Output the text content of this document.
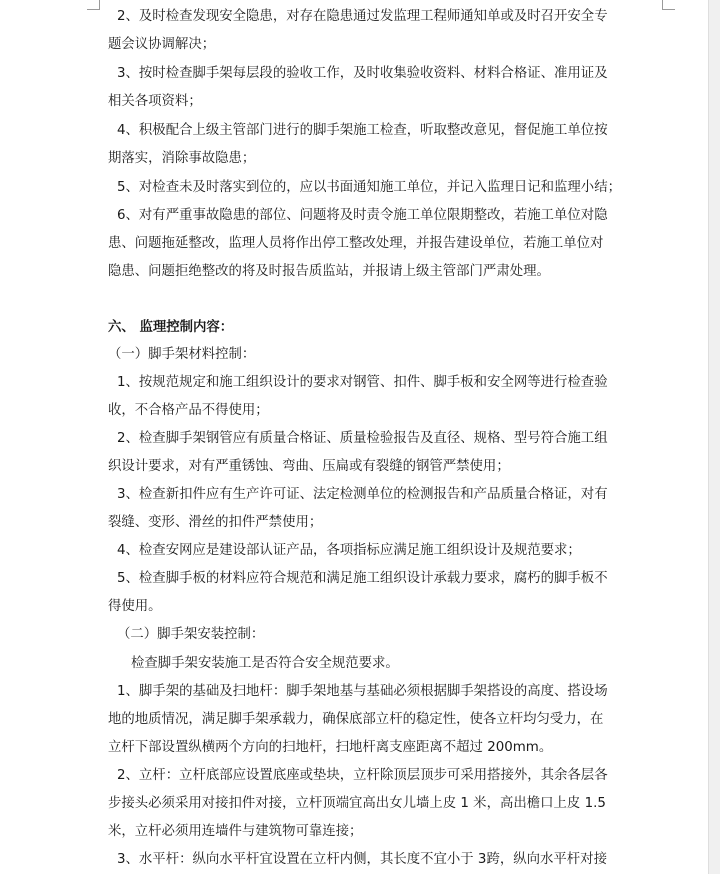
2、及时检查发现安全隐患，对存在隐患通过发监理工程师通知单或及时召开安全专
题会议协调解决；
3、按时检查脚手架每层段的验收工作，及时收集验收资料、材料合格证、准用证及
相关各项资料；
4、积极配合上级主管部门进行的脚手架施工检查，听取整改意见，督促施工单位按
期落实，消除事故隐患；
5、对检查未及时落实到位的，应以书面通知施工单位，并记入监理日记和监理小结；
6、对有严重事故隐患的部位、问题将及时责令施工单位限期整改，若施工单位对隐
患、问题拖延整改，监理人员将作出停工整改处理，并报告建设单位，若施工单位对
隐患、问题拒绝整改的将及时报告质监站，并报请上级主管部门严肃处理。
六、 监理控制内容：
（一）脚手架材料控制：
1、按规范规定和施工组织设计的要求对钢管、扣件、脚手板和安全网等进行检查验
收，不合格产品不得使用；
2、检查脚手架钢管应有质量合格证、质量检验报告及直径、规格、型号符合施工组
织设计要求，对有严重锈蚀、弯曲、压扁或有裂缝的钢管严禁使用；
3、检查新扣件应有生产许可证、法定检测单位的检测报告和产品质量合格证，对有
裂缝、变形、滑丝的扣件严禁使用；
4、检查安网应是建设部认证产品，各项指标应满足施工组织设计及规范要求；
5、检查脚手板的材料应符合规范和满足施工组织设计承载力要求，腐朽的脚手板不
得使用。
（二）脚手架安装控制：
检查脚手架安装施工是否符合安全规范要求。
1、脚手架的基础及扫地杆：脚手架地基与基础必须根据脚手架搭设的高度、搭设场
地的地质情况，满足脚手架承载力，确保底部立杆的稳定性，使各立杆均匀受力，在
立杆下部设置纵横两个方向的扫地杆，扫地杆离支座距离不超过 200mm。
2、立杆：立杆底部应设置底座或垫块，立杆除顶层顶步可采用搭接外，其余各层各
步接头必须采用对接扣件对接，立杆顶端宜高出女儿墙上皮 1 米，高出檐口上皮 1.5
米，立杆必须用连墙件与建筑物可靠连接；
3、水平杆：纵向水平杆宜设置在立杆内侧，其长度不宜小于 3跨，纵向水平杆对接
